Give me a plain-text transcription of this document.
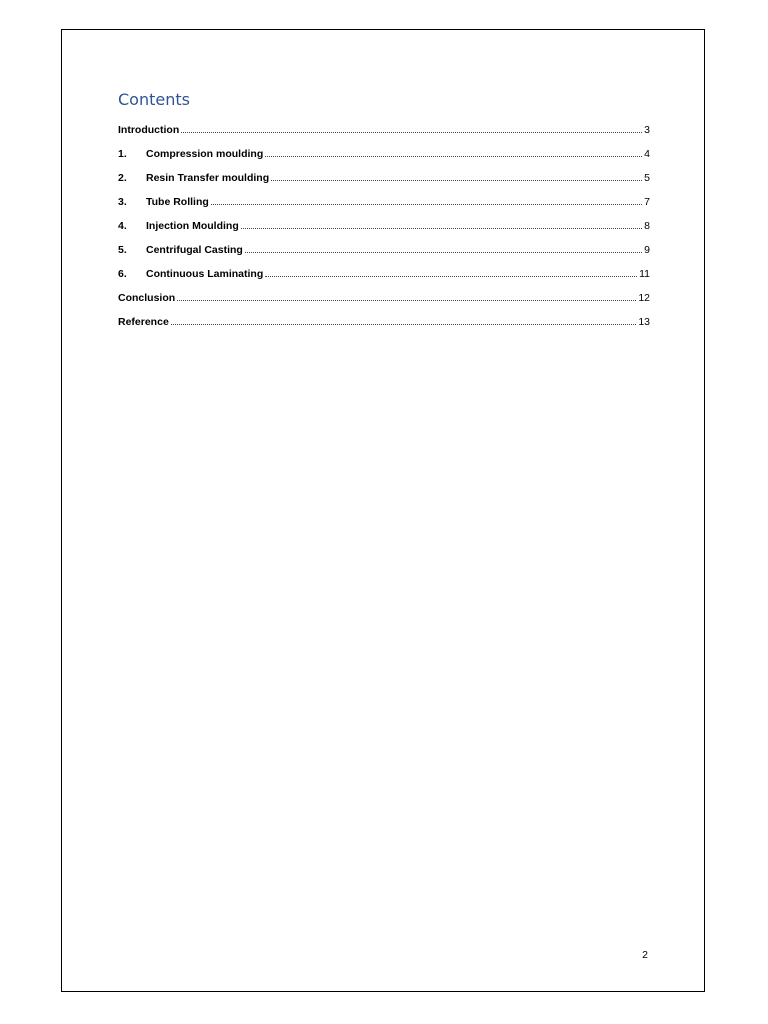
Contents
Introduction	3
1.	Compression moulding	4
2.	Resin Transfer moulding	5
3.	Tube Rolling	7
4.	Injection Moulding	8
5.	Centrifugal Casting	9
6.	Continuous Laminating	11
Conclusion	12
Reference	13
2
